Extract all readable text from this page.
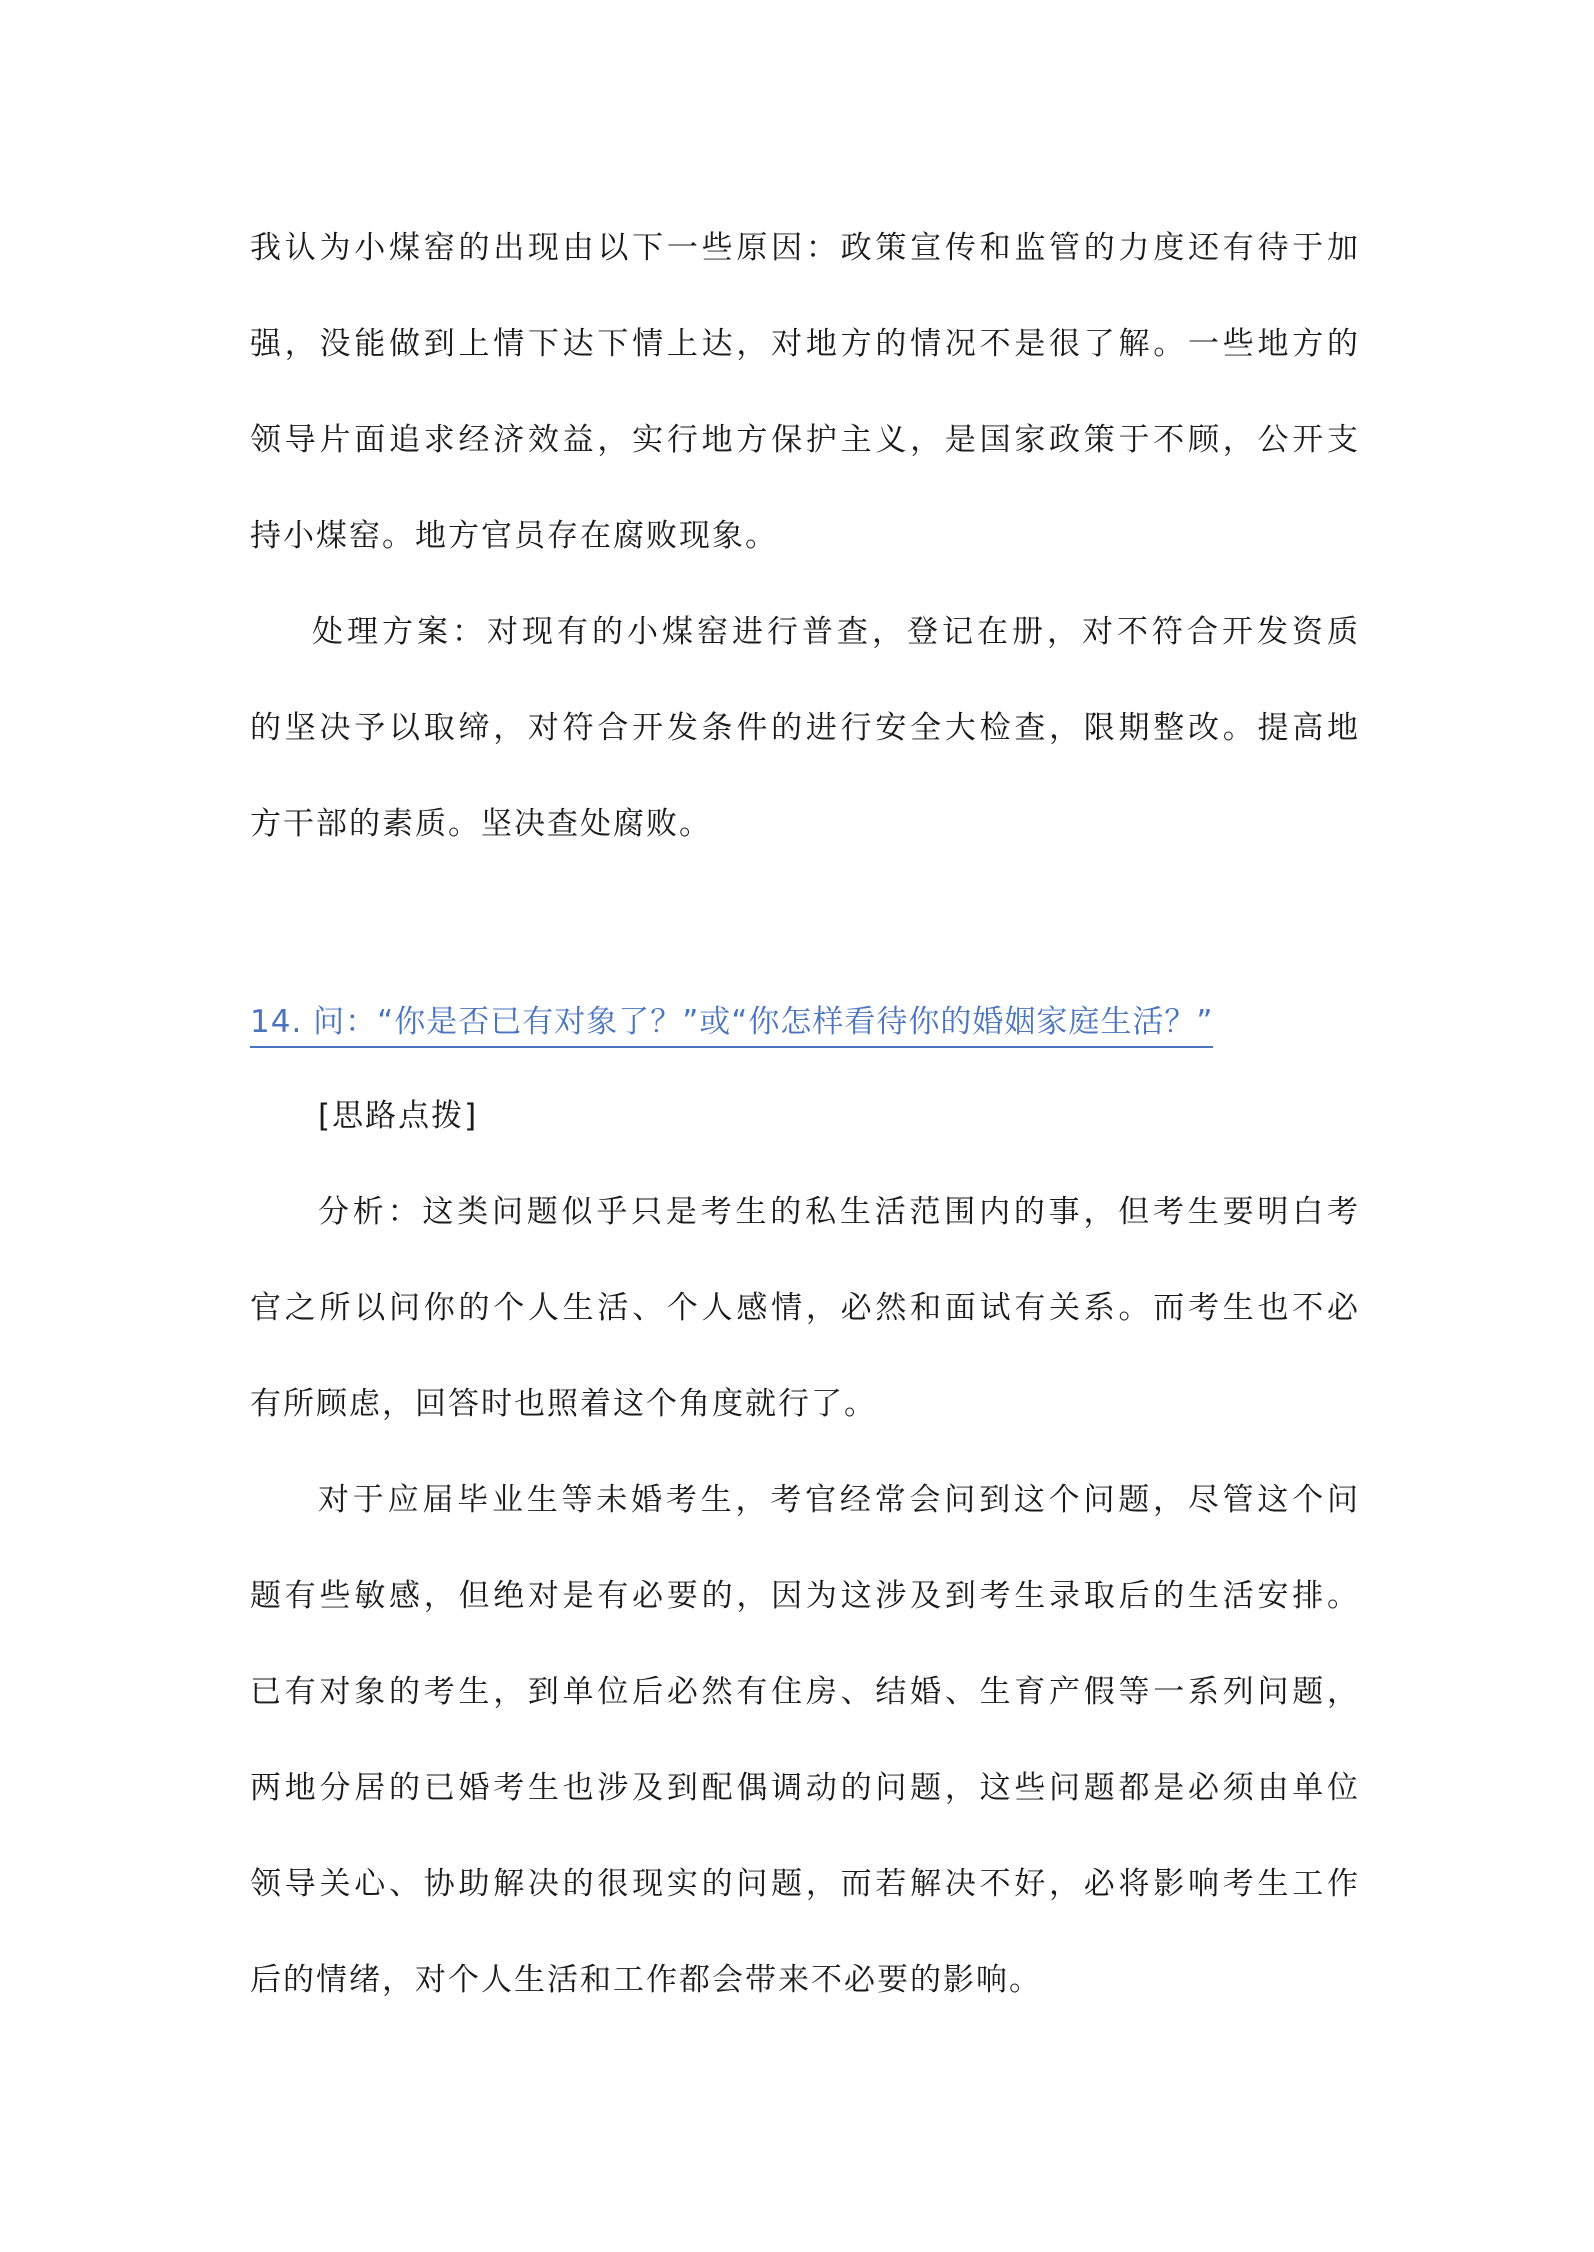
我认为小煤窑的出现由以下一些原因：政策宣传和监管的力度还有待于加
强，没能做到上情下达下情上达，对地方的情况不是很了解。一些地方的
领导片面追求经济效益，实行地方保护主义，是国家政策于不顾，公开支
持小煤窑。地方官员存在腐败现象。
处理方案：对现有的小煤窑进行普查，登记在册，对不符合开发资质
的坚决予以取缔，对符合开发条件的进行安全大检查，限期整改。提高地
方干部的素质。坚决查处腐败。
14. 问：“你是否已有对象了？”或“你怎样看待你的婚姻家庭生活？”
[思路点拨]
分析：这类问题似乎只是考生的私生活范围内的事，但考生要明白考
官之所以问你的个人生活、个人感情，必然和面试有关系。而考生也不必
有所顾虑，回答时也照着这个角度就行了。
对于应届毕业生等未婚考生，考官经常会问到这个问题，尽管这个问
题有些敏感，但绝对是有必要的，因为这涉及到考生录取后的生活安排。
已有对象的考生，到单位后必然有住房、结婚、生育产假等一系列问题，
两地分居的已婚考生也涉及到配偶调动的问题，这些问题都是必须由单位
领导关心、协助解决的很现实的问题，而若解决不好，必将影响考生工作
后的情绪，对个人生活和工作都会带来不必要的影响。
